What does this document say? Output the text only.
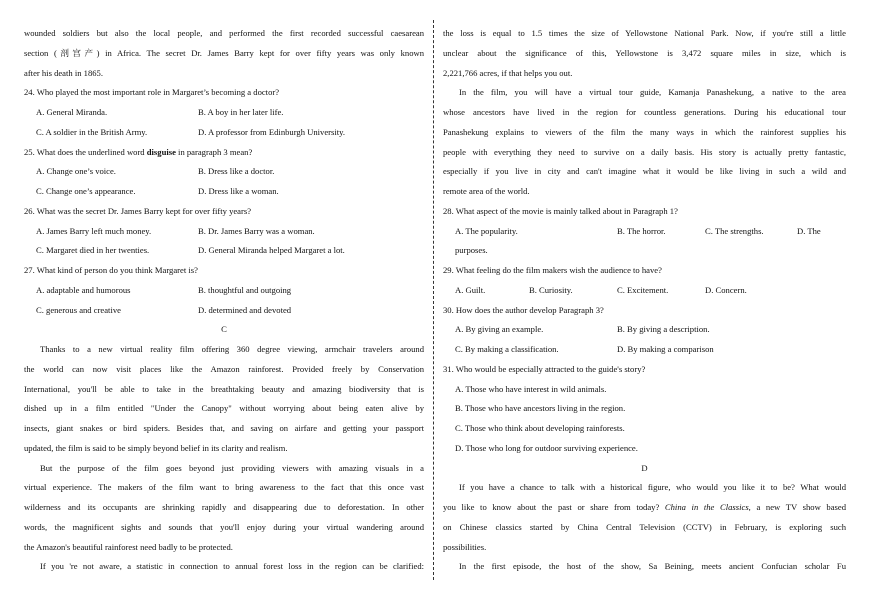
wounded soldiers but also the local people, and performed the first recorded successful caesarean
section (剖宫产) in Africa. The secret Dr. James Barry kept for over fifty years was only known
after his death in 1865.
24. Who played the most important role in Margaret’s becoming a doctor?
A. General Miranda.	B. A boy in her later life.
C. A soldier in the British Army.	D. A professor from Edinburgh University.
25. What does the underlined word disguise in paragraph 3 mean?
A. Change one’s voice.	B. Dress like a doctor.
C. Change one’s appearance.	D. Dress like a woman.
26. What was the secret Dr. James Barry kept for over fifty years?
A. James Barry left much money.	B. Dr. James Barry was a woman.
C. Margaret died in her twenties.	D. General Miranda helped Margaret a lot.
27. What kind of person do you think Margaret is?
A. adaptable and humorous	B. thoughtful and outgoing
C. generous and creative	D. determined and devoted
C
Thanks to a new virtual reality film offering 360 degree viewing, armchair travelers around
the world can now visit places like the Amazon rainforest. Provided freely by Conservation
International, you'll be able to take in the breathtaking beauty and amazing biodiversity that is
dished up in a film entitled "Under the Canopy" without worrying about being eaten alive by
insects, giant snakes or bird spiders. Besides that, and saving on airfare and getting your passport
updated, the film is said to be simply beyond belief in its clarity and realism.
But the purpose of the film goes beyond just providing viewers with amazing visuals in a
virtual experience. The makers of the film want to bring awareness to the fact that this once vast
wilderness and its occupants are shrinking rapidly and disappearing due to deforestation. In other
words, the magnificent sights and sounds that you'll enjoy during your virtual wandering around
the Amazon's beautiful rainforest need badly to be protected.
If you 're not aware, a statistic in connection to annual forest loss in the region can be clarified:
the loss is equal to 1.5 times the size of Yellowstone National Park. Now, if you're still a little
unclear about the significance of this, Yellowstone is 3,472 square miles in size, which is
2,221,766 acres, if that helps you out.
In the film, you will have a virtual tour guide, Kamanja Panashekung, a native to the area
whose ancestors have lived in the region for countless generations. During his educational tour
Panashekung explains to viewers of the film the many ways in which the rainforest supplies his
people with everything they need to survive on a daily basis. His story is actually pretty fantastic,
especially if you live in city and can't imagine what it would be like living in such a wild and
remote area of the world.
28. What aspect of the movie is mainly talked about in Paragraph 1?
A. The popularity.	B. The horror.	C. The strengths.	D. The
purposes.
29. What feeling do the film makers wish the audience to have?
A. Guilt.	B. Curiosity.	C. Excitement.	D. Concern.
30. How does the author develop Paragraph 3?
A. By giving an example.	B. By giving a description.
C. By making a classification.	D. By making a comparison
31. Who would be especially attracted to the guide's story?
A. Those who have interest in wild animals.
B. Those who have ancestors living in the region.
C. Those who think about developing rainforests.
D. Those who long for outdoor surviving experience.
D
If you have a chance to talk with a historical figure, who would you like it to be? What would
you like to know about the past or share from today? China in the Classics, a new TV show based
on Chinese classics started by China Central Television (CCTV) in February, is exploring such
possibilities.
In the first episode, the host of the show, Sa Beining, meets ancient Confucian scholar Fu
